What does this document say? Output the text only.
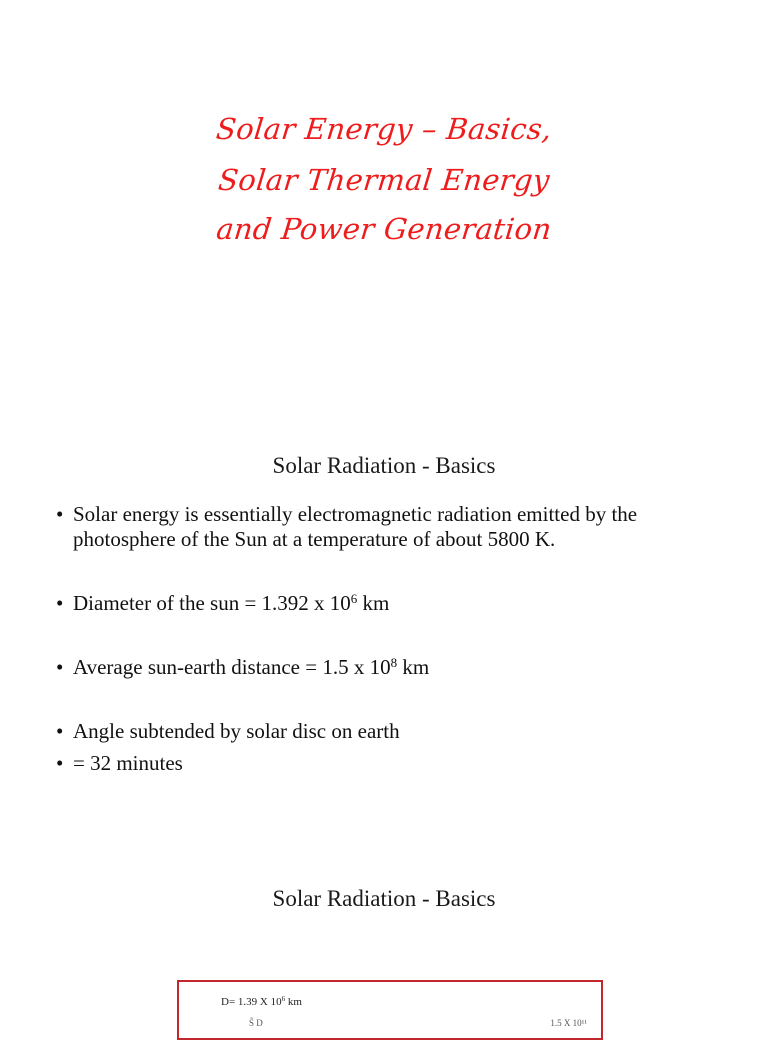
Solar Energy – Basics,
Solar Thermal Energy
and Power Generation
Solar Radiation - Basics
• Solar energy is essentially electromagnetic radiation emitted by the photosphere of the Sun at a temperature of about 5800 K.
• Diameter of the sun = 1.392 x $10^6$ km
• Average sun-earth distance = 1.5 x $10^8$ km
• Angle subtended by solar disc on earth
• = 32 minutes
Solar Radiation - Basics
D= 1.39 X $10^6$ km
S̃ D	1.5 X 10¹¹
